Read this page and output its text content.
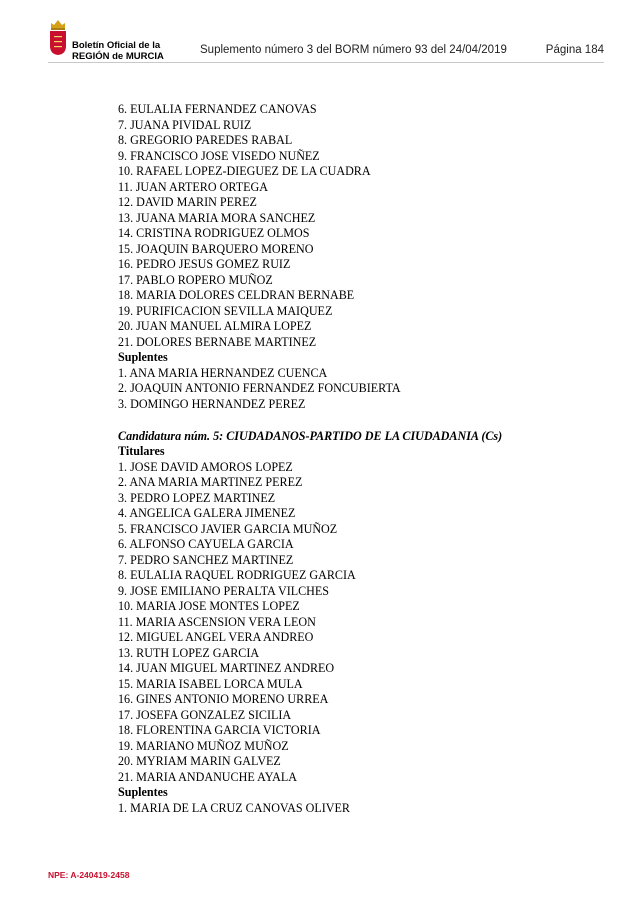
Boletín Oficial de la
REGIÓN de MURCIA
Suplemento número 3 del BORM número 93 del 24/04/2019	Página 184
6. EULALIA FERNANDEZ CANOVAS
7. JUANA PIVIDAL RUIZ
8. GREGORIO PAREDES RABAL
9. FRANCISCO JOSE VISEDO NUÑEZ
10. RAFAEL LOPEZ-DIEGUEZ DE LA CUADRA
11. JUAN ARTERO ORTEGA
12. DAVID MARIN PEREZ
13. JUANA MARIA MORA SANCHEZ
14. CRISTINA RODRIGUEZ OLMOS
15. JOAQUIN BARQUERO MORENO
16. PEDRO JESUS GOMEZ RUIZ
17. PABLO ROPERO MUÑOZ
18. MARIA DOLORES CELDRAN BERNABE
19. PURIFICACION SEVILLA MAIQUEZ
20. JUAN MANUEL ALMIRA LOPEZ
21. DOLORES BERNABE MARTINEZ
Suplentes
1. ANA MARIA HERNANDEZ CUENCA
2. JOAQUIN ANTONIO FERNANDEZ FONCUBIERTA
3. DOMINGO HERNANDEZ PEREZ
Candidatura núm. 5: CIUDADANOS-PARTIDO DE LA CIUDADANIA (Cs)
Titulares
1. JOSE DAVID AMOROS LOPEZ
2. ANA MARIA MARTINEZ PEREZ
3. PEDRO LOPEZ MARTINEZ
4. ANGELICA GALERA JIMENEZ
5. FRANCISCO JAVIER GARCIA MUÑOZ
6. ALFONSO CAYUELA GARCIA
7. PEDRO SANCHEZ MARTINEZ
8. EULALIA RAQUEL RODRIGUEZ GARCIA
9. JOSE EMILIANO PERALTA VILCHES
10. MARIA JOSE MONTES LOPEZ
11. MARIA ASCENSION VERA LEON
12. MIGUEL ANGEL VERA ANDREO
13. RUTH LOPEZ GARCIA
14. JUAN MIGUEL MARTINEZ ANDREO
15. MARIA ISABEL LORCA MULA
16. GINES ANTONIO MORENO URREA
17. JOSEFA GONZALEZ SICILIA
18. FLORENTINA GARCIA VICTORIA
19. MARIANO MUÑOZ MUÑOZ
20. MYRIAM MARIN GALVEZ
21. MARIA ANDANUCHE AYALA
Suplentes
1. MARIA DE LA CRUZ CANOVAS OLIVER
NPE: A-240419-2458
